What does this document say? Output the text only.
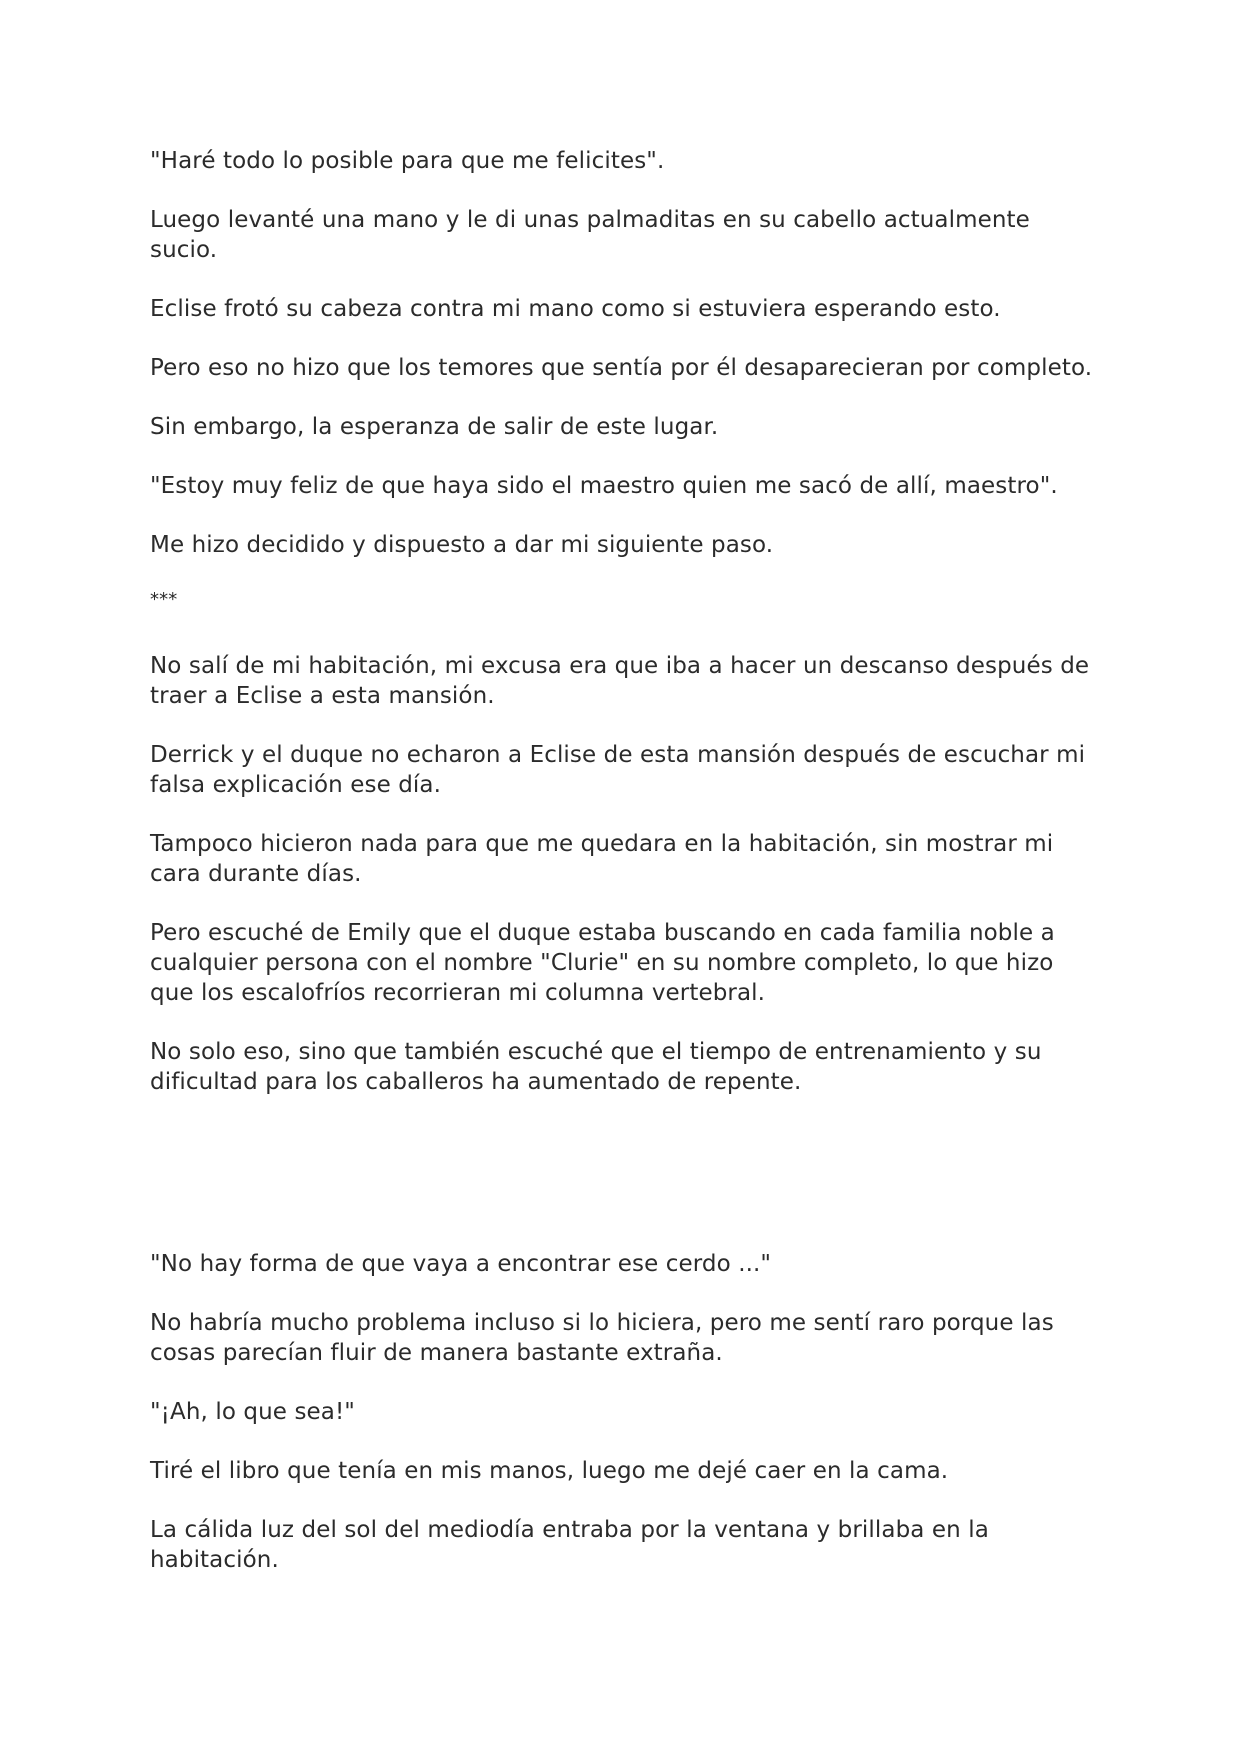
"Haré todo lo posible para que me felicites".

Luego levanté una mano y le di unas palmaditas en su cabello actualmente sucio.

Eclise frotó su cabeza contra mi mano como si estuviera esperando esto.

Pero eso no hizo que los temores que sentía por él desaparecieran por completo.

Sin embargo, la esperanza de salir de este lugar.

"Estoy muy feliz de que haya sido el maestro quien me sacó de allí, maestro".

Me hizo decidido y dispuesto a dar mi siguiente paso.

***

No salí de mi habitación, mi excusa era que iba a hacer un descanso después de traer a Eclise a esta mansión.

Derrick y el duque no echaron a Eclise de esta mansión después de escuchar mi falsa explicación ese día.

Tampoco hicieron nada para que me quedara en la habitación, sin mostrar mi cara durante días.

Pero escuché de Emily que el duque estaba buscando en cada familia noble a cualquier persona con el nombre "Clurie" en su nombre completo, lo que hizo que los escalofríos recorrieran mi columna vertebral.

No solo eso, sino que también escuché que el tiempo de entrenamiento y su dificultad para los caballeros ha aumentado de repente.

"No hay forma de que vaya a encontrar ese cerdo ..."

No habría mucho problema incluso si lo hiciera, pero me sentí raro porque las cosas parecían fluir de manera bastante extraña.

"¡Ah, lo que sea!"

Tiré el libro que tenía en mis manos, luego me dejé caer en la cama.

La cálida luz del sol del mediodía entraba por la ventana y brillaba en la habitación.
